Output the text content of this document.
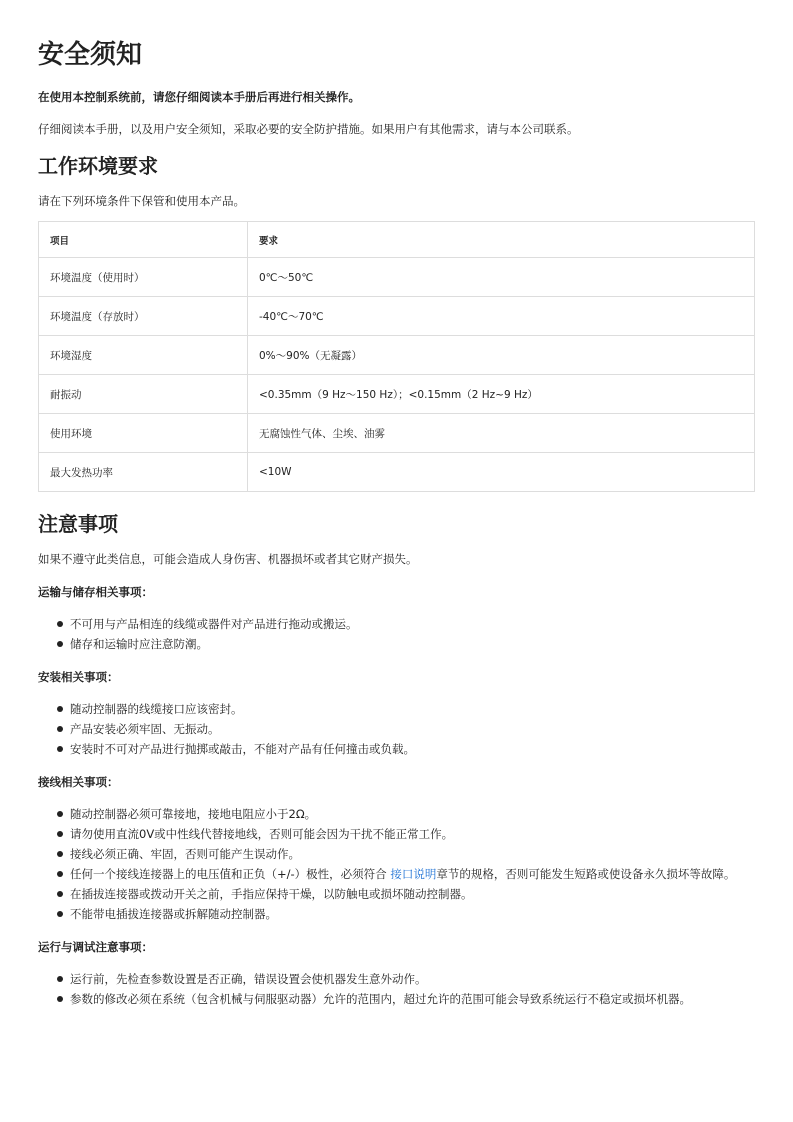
安全须知

在使用本控制系统前，请您仔细阅读本手册后再进行相关操作。

仔细阅读本手册，以及用户安全须知，采取必要的安全防护措施。如果用户有其他需求，请与本公司联系。

工作环境要求

请在下列环境条件下保管和使用本产品。

项目	要求
环境温度（使用时）	0℃～50℃
环境温度（存放时）	-40℃～70℃
环境湿度	0%～90%（无凝露）
耐振动	<0.35mm（9 Hz～150 Hz）；<0.15mm（2 Hz~9 Hz）
使用环境	无腐蚀性气体、尘埃、油雾
最大发热功率	<10W
注意事项

如果不遵守此类信息，可能会造成人身伤害、机器损坏或者其它财产损失。

运输与储存相关事项：

不可用与产品相连的线缆或器件对产品进行拖动或搬运。
储存和运输时应注意防潮。

安装相关事项：

随动控制器的线缆接口应该密封。
产品安装必须牢固、无振动。
安装时不可对产品进行抛掷或敲击，不能对产品有任何撞击或负载。

接线相关事项：

随动控制器必须可靠接地，接地电阻应小于2Ω。
请勿使用直流0V或中性线代替接地线，否则可能会因为干扰不能正常工作。
接线必须正确、牢固，否则可能产生误动作。
任何一个接线连接器上的电压值和正负（+/-）极性，必须符合 接口说明章节的规格，否则可能发生短路或使设备永久损坏等故障。
在插拔连接器或拨动开关之前，手指应保持干燥，以防触电或损坏随动控制器。
不能带电插拔连接器或拆解随动控制器。

运行与调试注意事项：

运行前，先检查参数设置是否正确，错误设置会使机器发生意外动作。
参数的修改必须在系统（包含机械与伺服驱动器）允许的范围内，超过允许的范围可能会导致系统运行不稳定或损坏机器。
